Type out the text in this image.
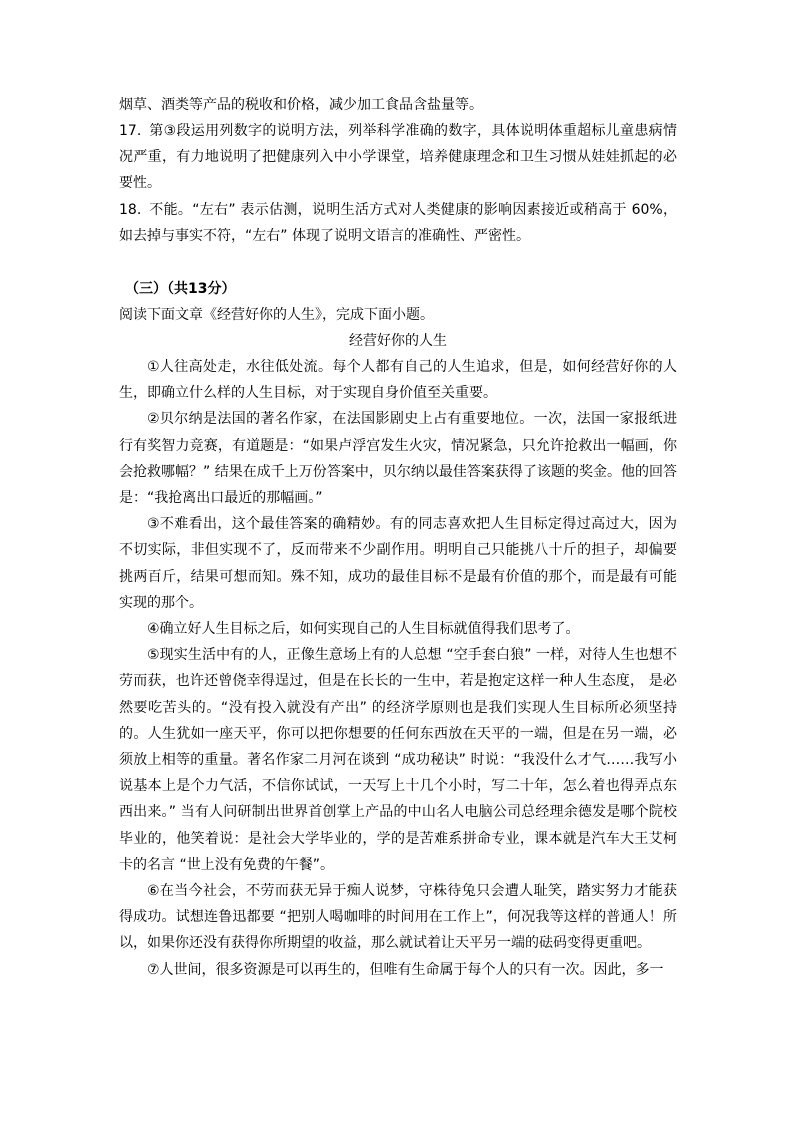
烟草、酒类等产品的税收和价格，减少加工食品含盐量等。
17. 第③段运用列数字的说明方法，列举科学准确的数字，具体说明体重超标儿童患病情况严重，有力地说明了把健康列入中小学课堂，培养健康理念和卫生习惯从娃娃抓起的必要性。
18. 不能。“左右” 表示估测，说明生活方式对人类健康的影响因素接近或稍高于 60%，如去掉与事实不符，“左右” 体现了说明文语言的准确性、严密性。
（三）（共13分）
阅读下面文章《经营好你的人生》，完成下面小题。
经营好你的人生
①人往高处走，水往低处流。每个人都有自己的人生追求，但是，如何经营好你的人生，即确立什么样的人生目标，对于实现自身价值至关重要。
②贝尔纳是法国的著名作家，在法国影剧史上占有重要地位。一次，法国一家报纸进行有奖智力竞赛，有道题是：“如果卢浮宫发生火灾，情况紧急，只允许抢救出一幅画，你会抢救哪幅？” 结果在成千上万份答案中，贝尔纳以最佳答案获得了该题的奖金。他的回答是：“我抢离出口最近的那幅画。”
③不难看出，这个最佳答案的确精妙。有的同志喜欢把人生目标定得过高过大，因为不切实际，非但实现不了，反而带来不少副作用。明明自己只能挑八十斤的担子，却偏要挑两百斤，结果可想而知。殊不知，成功的最佳目标不是最有价值的那个，而是最有可能实现的那个。
④确立好人生目标之后，如何实现自己的人生目标就值得我们思考了。
⑤现实生活中有的人，正像生意场上有的人总想 “空手套白狼” 一样，对待人生也想不劳而获，也许还曾侥幸得逞过，但是在长长的一生中，若是抱定这样一种人生态度， 是必然要吃苦头的。“没有投入就没有产出” 的经济学原则也是我们实现人生目标所必须坚持的。人生犹如一座天平，你可以把你想要的任何东西放在天平的一端，但是在另一端，必须放上相等的重量。著名作家二月河在谈到 “成功秘诀” 时说：“我没什么才气……我写小说基本上是个力气活，不信你试试，一天写上十几个小时，写二十年，怎么着也得弄点东西出来。” 当有人问研制出世界首创掌上产品的中山名人电脑公司总经理余德发是哪个院校毕业的，他笑着说：是社会大学毕业的，学的是苦难系拼命专业，课本就是汽车大王艾柯卡的名言 “世上没有免费的午餐”。
⑥在当今社会，不劳而获无异于痴人说梦，守株待兔只会遭人耻笑，踏实努力才能获得成功。试想连鲁迅都要 “把别人喝咖啡的时间用在工作上”，何况我等这样的普通人！所以，如果你还没有获得你所期望的收益，那么就试着让天平另一端的砝码变得更重吧。
⑦人世间，很多资源是可以再生的，但唯有生命属于每个人的只有一次。因此，多一
